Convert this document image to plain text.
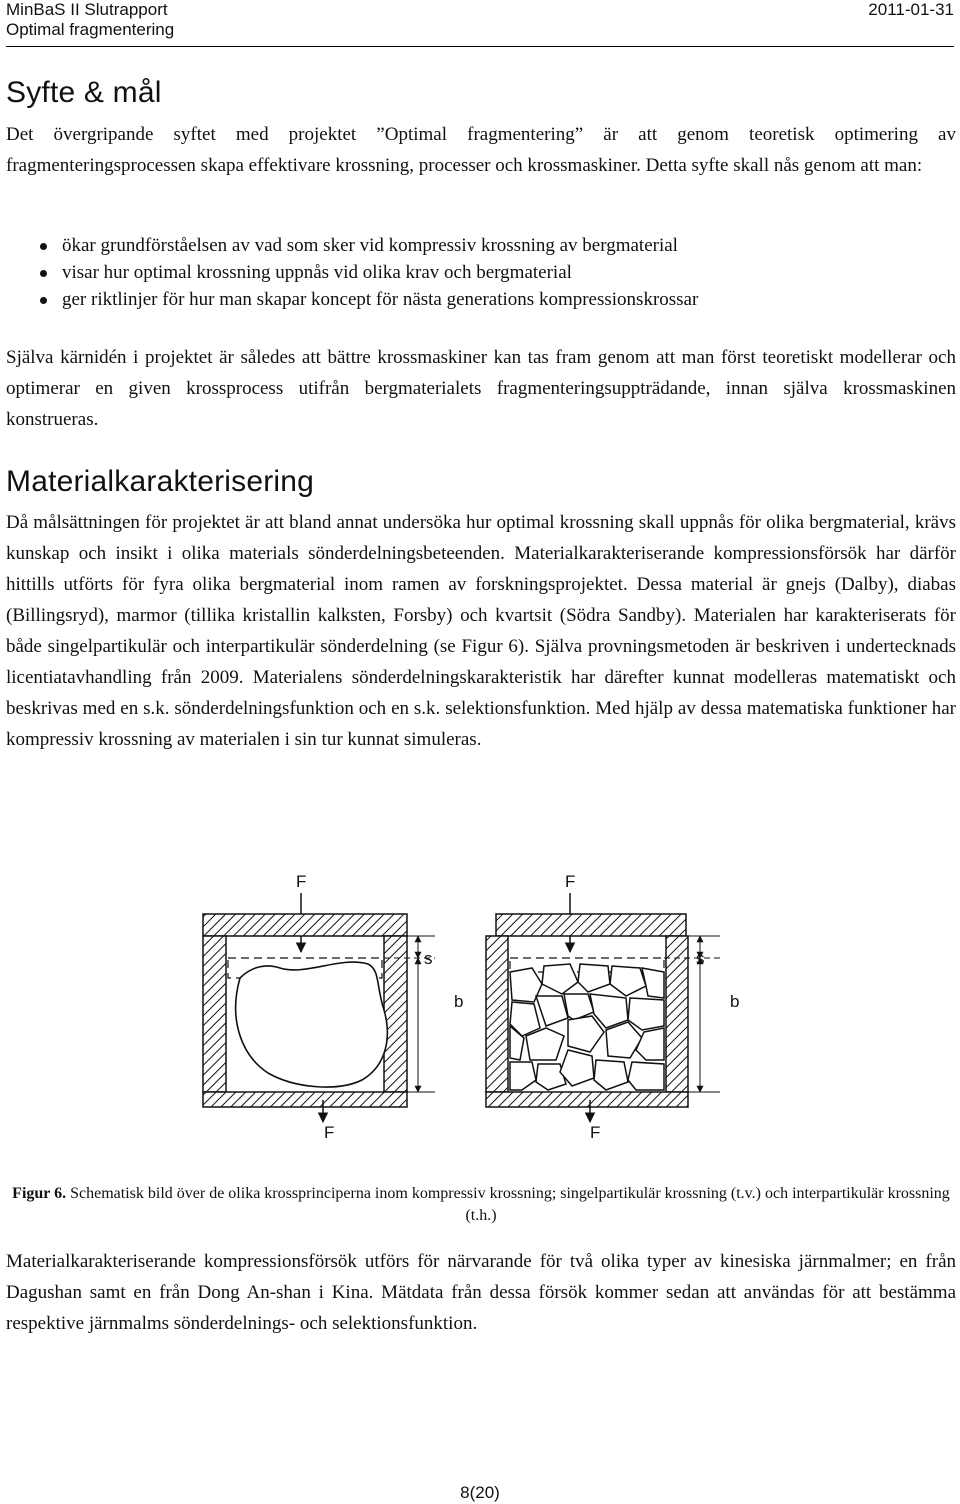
MinBaS II Slutrapport
Optimal fragmentering
2011-01-31
Syfte & mål

Det övergripande syftet med projektet ”Optimal fragmentering” är att genom teoretisk optimering av fragmenteringsprocessen skapa effektivare krossning, processer och krossmaskiner. Detta syfte skall nås genom att man:

ökar grundförståelsen av vad som sker vid kompressiv krossning av bergmaterial
visar hur optimal krossning uppnås vid olika krav och bergmaterial
ger riktlinjer för hur man skapar koncept för nästa generations kompressionskrossar

Själva kärnidén i projektet är således att bättre krossmaskiner kan tas fram genom att man först teoretiskt modellerar och optimerar en given krossprocess utifrån bergmaterialets fragmenteringsuppträdande, innan själva krossmaskinen konstrueras.

Materialkarakterisering

Då målsättningen för projektet är att bland annat undersöka hur optimal krossning skall uppnås för olika bergmaterial, krävs kunskap och insikt i olika materials sönderdelningsbeteenden. Materialkarakteriserande kompressionsförsök har därför hittills utförts för fyra olika bergmaterial inom ramen av forskningsprojektet. Dessa material är gnejs (Dalby), diabas (Billingsryd), marmor (tillika kristallin kalksten, Forsby) och kvartsit (Södra Sandby). Materialen har karakteriserats för både singelpartikulär och interpartikulär sönderdelning (se Figur 6). Själva provningsmetoden är beskriven i undertecknads licentiatavhandling från 2009. Materialens sönderdelningskarakteristik har därefter kunnat modelleras matematiskt och beskrivas med en s.k. sönderdelningsfunktion och en s.k. selektionsfunktion. Med hjälp av dessa matematiska funktioner har kompressiv krossning av materialen i sin tur kunnat simuleras.

F
s
b
F
F
s
b
F

Figur 6. Schematisk bild över de olika krossprinciperna inom kompressiv krossning; singelpartikulär krossning (t.v.) och interpartikulär krossning (t.h.)

Materialkarakteriserande kompressionsförsök utförs för närvarande för två olika typer av kinesiska järnmalmer; en från Dagushan samt en från Dong An-shan i Kina. Mätdata från dessa försök kommer sedan att användas för att bestämma respektive järnmalms sönderdelnings- och selektionsfunktion.

8(20)
